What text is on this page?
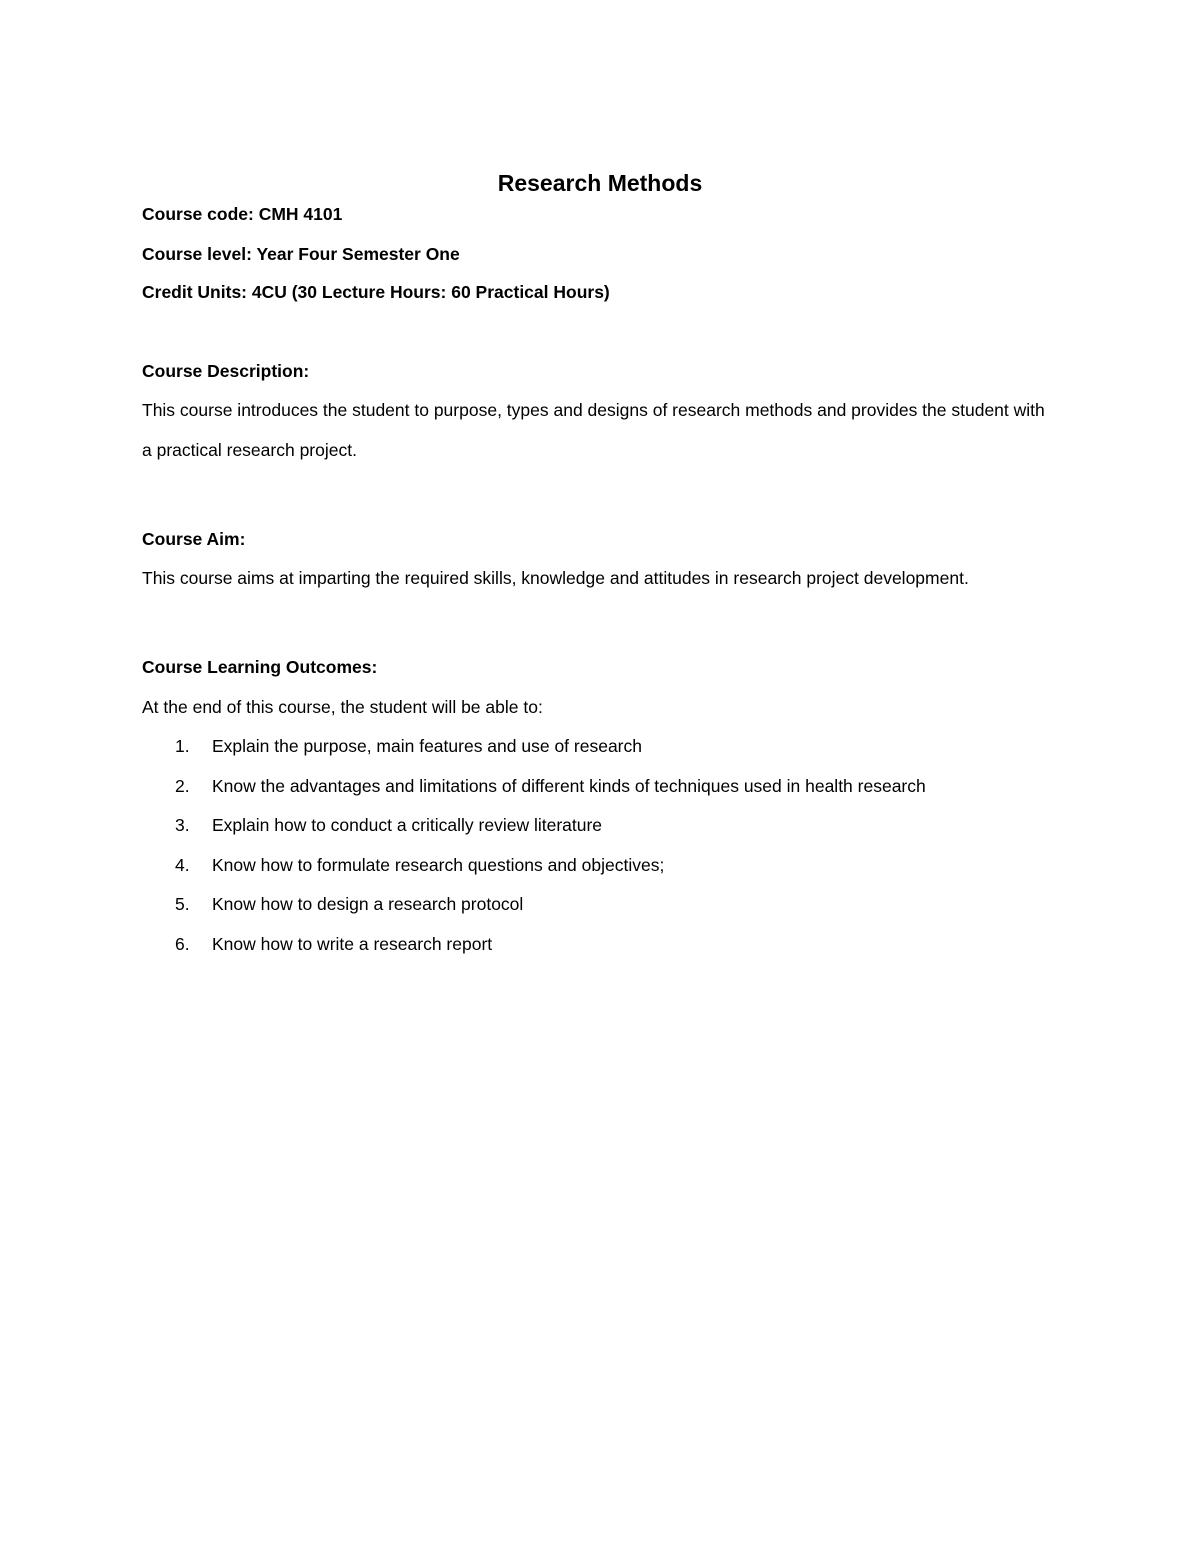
Research Methods
Course code: CMH 4101
Course level: Year Four Semester One
Credit Units: 4CU (30 Lecture Hours: 60 Practical Hours)
Course Description:

This course introduces the student to purpose, types and designs of research methods and provides the student with a practical research project.

Course Aim:

This course aims at imparting the required skills, knowledge and attitudes in research project development.

Course Learning Outcomes:

At the end of this course, the student will be able to:

1.	Explain the purpose, main features and use of research
2.	Know the advantages and limitations of different kinds of techniques used in health research
3.	Explain how to conduct a critically review literature
4.	Know how to formulate research questions and objectives;
5.	Know how to design a research protocol
6.	Know how to write a research report
